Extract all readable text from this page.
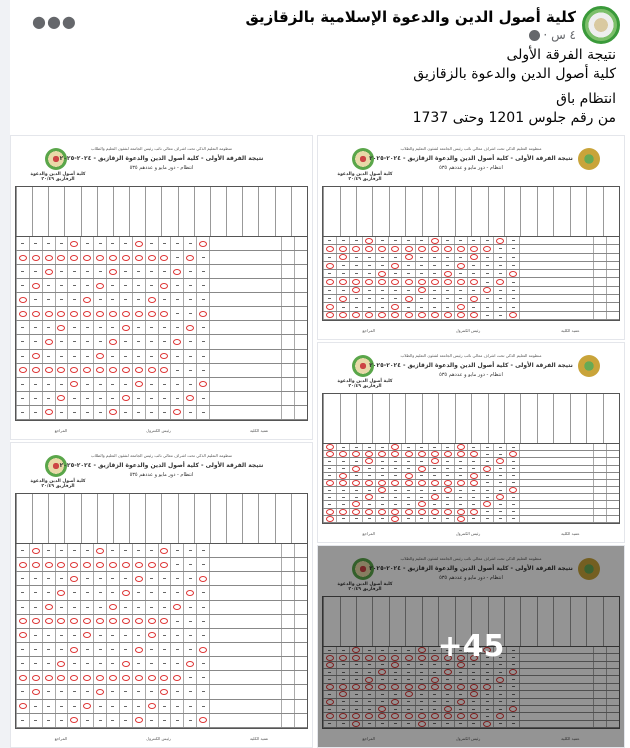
●●●	كلية أصول الدين والدعوة الإسلامية بالزقازيق
٤ س ·
نتيجة الفرقة الأولى

كلية أصول الدين والدعوة بالزقازيق

انتظام باق
من رقم جلوس 1201 وحتى 1737
كلية أصول الدين والدعوة الزقازيق ٢٠/٤٩
منظومة التعليم الذكي تحت اشراف معالي نائب رئيس الجامعة لشئون التعليم والطلاب
نتيجة الفرقة الأولى - كلية أصول الدين والدعوة الزقازيق - ٢٠٢٤-٢٠٢٥
انتظام - دور مايو و عددهم ٥٣٥
عميد الكلية
رئيس الكنترول
المراجع
كلية أصول الدين والدعوة الزقازيق ٢٠/٤٩
منظومة التعليم الذكي تحت اشراف معالي نائب رئيس الجامعة لشئون التعليم والطلاب
نتيجة الفرقة الأولى - كلية أصول الدين والدعوة الزقازيق - ٢٠٢٤-٢٠٢٥
انتظام - دور مايو و عددهم ٥٣٥
عميد الكلية
رئيس الكنترول
المراجع
كلية أصول الدين والدعوة الزقازيق ٢٠/٤٩
منظومة التعليم الذكي تحت اشراف معالي نائب رئيس الجامعة لشئون التعليم والطلاب
نتيجة الفرقة الأولى - كلية أصول الدين والدعوة الزقازيق - ٢٠٢٤-٢٠٢٥
انتظام - دور مايو و عددهم ٥٣٥
عميد الكلية
رئيس الكنترول
المراجع
كلية أصول الدين والدعوة الزقازيق ٢٠/٤٩
منظومة التعليم الذكي تحت اشراف معالي نائب رئيس الجامعة لشئون التعليم والطلاب
نتيجة الفرقة الأولى - كلية أصول الدين والدعوة الزقازيق - ٢٠٢٤-٢٠٢٥
انتظام - دور مايو و عددهم ٥٣٥
عميد الكلية
رئيس الكنترول
المراجع
كلية أصول الدين والدعوة الزقازيق ٢٠/٤٩
منظومة التعليم الذكي تحت اشراف معالي نائب رئيس الجامعة لشئون التعليم والطلاب
نتيجة الفرقة الأولى - كلية أصول الدين والدعوة الزقازيق - ٢٠٢٤-٢٠٢٥
انتظام - دور مايو و عددهم ٥٣٥
عميد الكلية
رئيس الكنترول
المراجع
+45
